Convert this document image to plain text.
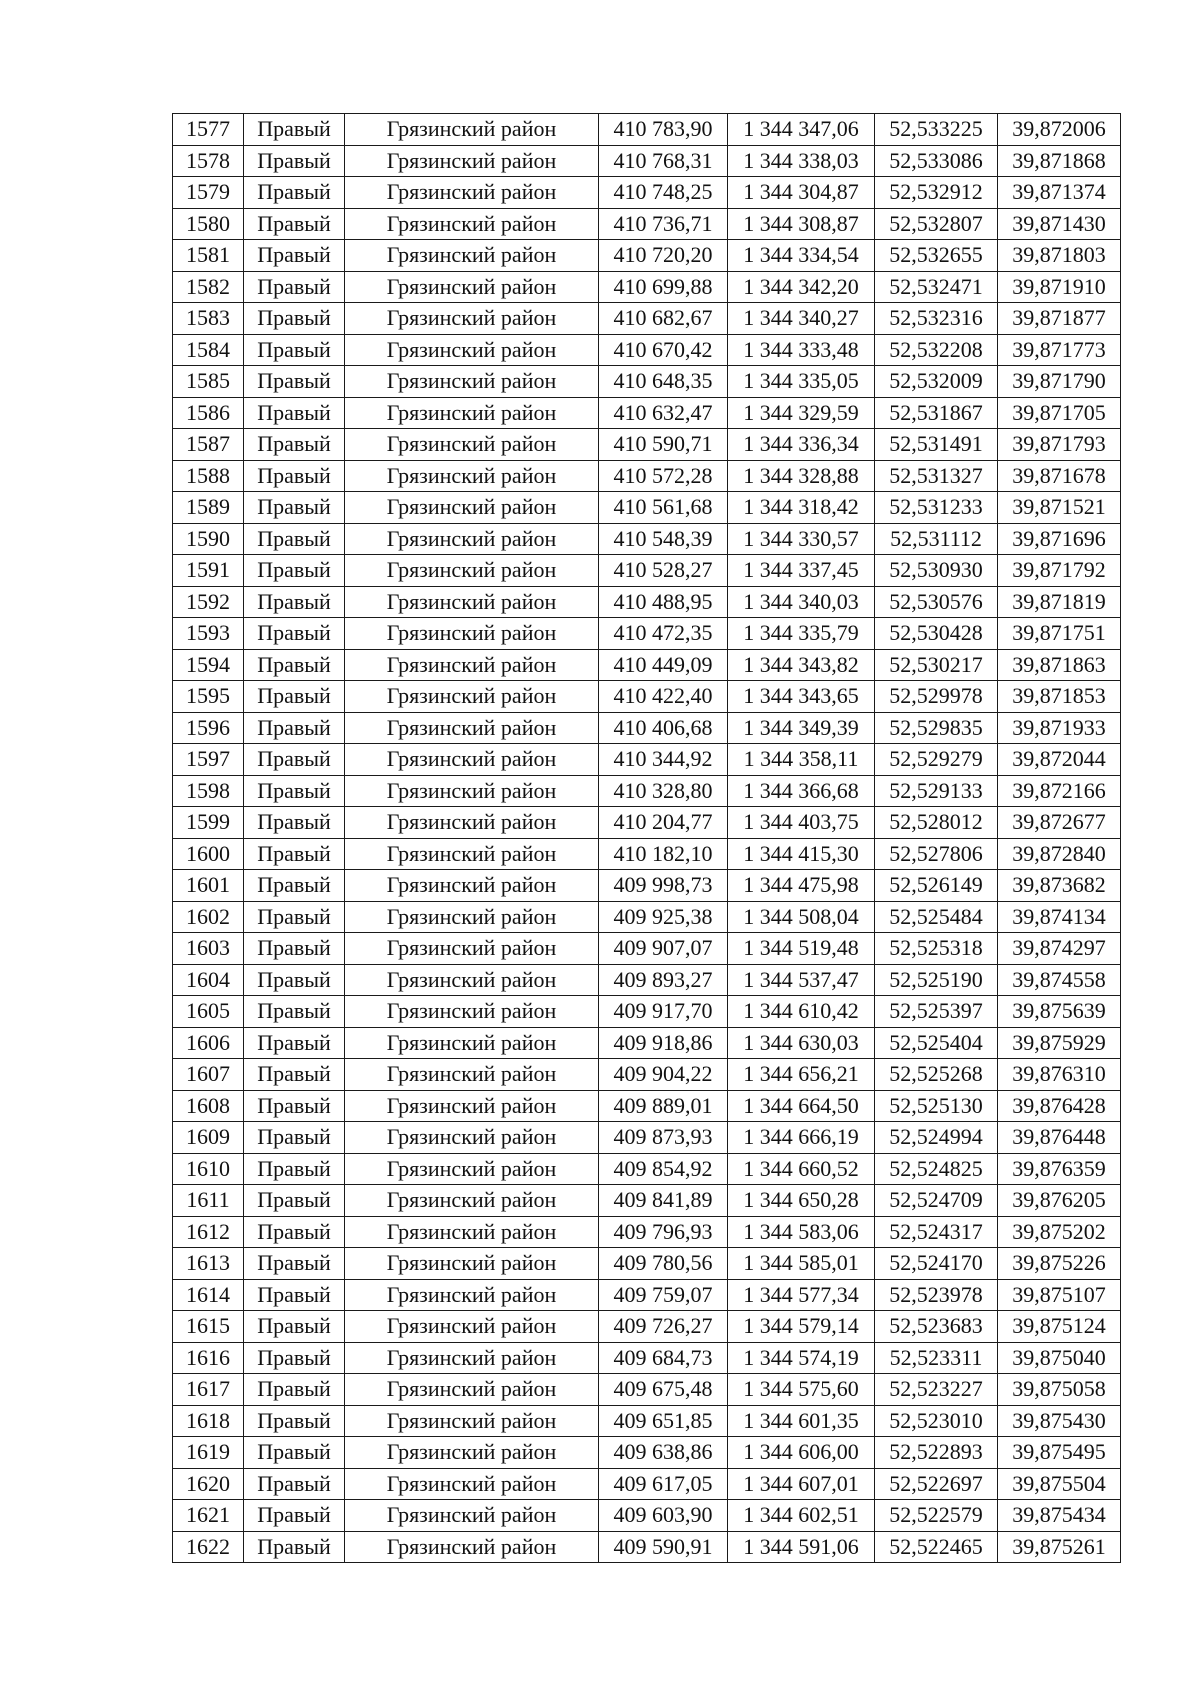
1577	Правый	Грязинский район	410 783,90	1 344 347,06	52,533225	39,872006
1578	Правый	Грязинский район	410 768,31	1 344 338,03	52,533086	39,871868
1579	Правый	Грязинский район	410 748,25	1 344 304,87	52,532912	39,871374
1580	Правый	Грязинский район	410 736,71	1 344 308,87	52,532807	39,871430
1581	Правый	Грязинский район	410 720,20	1 344 334,54	52,532655	39,871803
1582	Правый	Грязинский район	410 699,88	1 344 342,20	52,532471	39,871910
1583	Правый	Грязинский район	410 682,67	1 344 340,27	52,532316	39,871877
1584	Правый	Грязинский район	410 670,42	1 344 333,48	52,532208	39,871773
1585	Правый	Грязинский район	410 648,35	1 344 335,05	52,532009	39,871790
1586	Правый	Грязинский район	410 632,47	1 344 329,59	52,531867	39,871705
1587	Правый	Грязинский район	410 590,71	1 344 336,34	52,531491	39,871793
1588	Правый	Грязинский район	410 572,28	1 344 328,88	52,531327	39,871678
1589	Правый	Грязинский район	410 561,68	1 344 318,42	52,531233	39,871521
1590	Правый	Грязинский район	410 548,39	1 344 330,57	52,531112	39,871696
1591	Правый	Грязинский район	410 528,27	1 344 337,45	52,530930	39,871792
1592	Правый	Грязинский район	410 488,95	1 344 340,03	52,530576	39,871819
1593	Правый	Грязинский район	410 472,35	1 344 335,79	52,530428	39,871751
1594	Правый	Грязинский район	410 449,09	1 344 343,82	52,530217	39,871863
1595	Правый	Грязинский район	410 422,40	1 344 343,65	52,529978	39,871853
1596	Правый	Грязинский район	410 406,68	1 344 349,39	52,529835	39,871933
1597	Правый	Грязинский район	410 344,92	1 344 358,11	52,529279	39,872044
1598	Правый	Грязинский район	410 328,80	1 344 366,68	52,529133	39,872166
1599	Правый	Грязинский район	410 204,77	1 344 403,75	52,528012	39,872677
1600	Правый	Грязинский район	410 182,10	1 344 415,30	52,527806	39,872840
1601	Правый	Грязинский район	409 998,73	1 344 475,98	52,526149	39,873682
1602	Правый	Грязинский район	409 925,38	1 344 508,04	52,525484	39,874134
1603	Правый	Грязинский район	409 907,07	1 344 519,48	52,525318	39,874297
1604	Правый	Грязинский район	409 893,27	1 344 537,47	52,525190	39,874558
1605	Правый	Грязинский район	409 917,70	1 344 610,42	52,525397	39,875639
1606	Правый	Грязинский район	409 918,86	1 344 630,03	52,525404	39,875929
1607	Правый	Грязинский район	409 904,22	1 344 656,21	52,525268	39,876310
1608	Правый	Грязинский район	409 889,01	1 344 664,50	52,525130	39,876428
1609	Правый	Грязинский район	409 873,93	1 344 666,19	52,524994	39,876448
1610	Правый	Грязинский район	409 854,92	1 344 660,52	52,524825	39,876359
1611	Правый	Грязинский район	409 841,89	1 344 650,28	52,524709	39,876205
1612	Правый	Грязинский район	409 796,93	1 344 583,06	52,524317	39,875202
1613	Правый	Грязинский район	409 780,56	1 344 585,01	52,524170	39,875226
1614	Правый	Грязинский район	409 759,07	1 344 577,34	52,523978	39,875107
1615	Правый	Грязинский район	409 726,27	1 344 579,14	52,523683	39,875124
1616	Правый	Грязинский район	409 684,73	1 344 574,19	52,523311	39,875040
1617	Правый	Грязинский район	409 675,48	1 344 575,60	52,523227	39,875058
1618	Правый	Грязинский район	409 651,85	1 344 601,35	52,523010	39,875430
1619	Правый	Грязинский район	409 638,86	1 344 606,00	52,522893	39,875495
1620	Правый	Грязинский район	409 617,05	1 344 607,01	52,522697	39,875504
1621	Правый	Грязинский район	409 603,90	1 344 602,51	52,522579	39,875434
1622	Правый	Грязинский район	409 590,91	1 344 591,06	52,522465	39,875261
